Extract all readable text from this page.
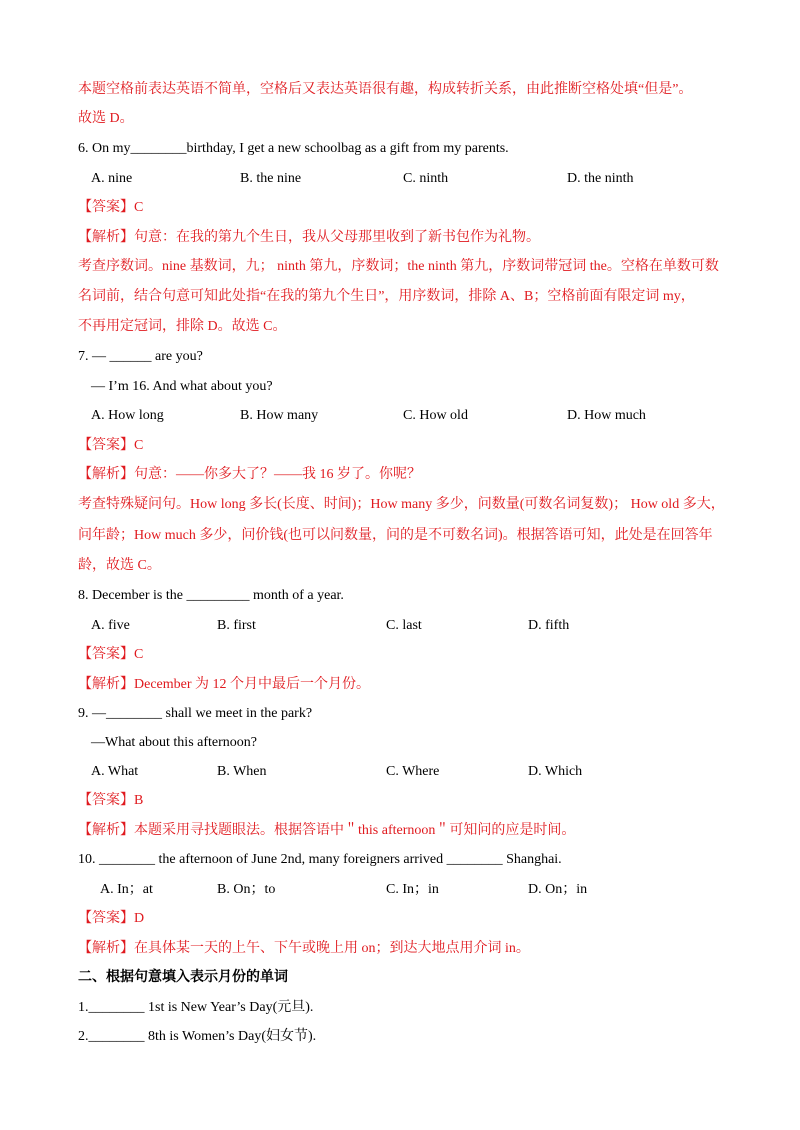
本题空格前表达英语不简单，空格后又表达英语很有趣，构成转折关系，由此推断空格处填“但是”。
故选 D。
6. On my________birthday, I get a new schoolbag as a gift from my parents.
A. nine	B. the nine	C. ninth	D. the ninth
【答案】C
【解析】句意：在我的第九个生日，我从父母那里收到了新书包作为礼物。
考查序数词。nine 基数词，九； ninth 第九，序数词；the ninth 第九，序数词带冠词 the。空格在单数可数
名词前，结合句意可知此处指“在我的第九个生日”，用序数词，排除 A、B；空格前面有限定词 my，
不再用定冠词，排除 D。故选 C。
7. — ______ are you?
— I’m 16. And what about you?
A. How long	B. How many	C. How old	D. How much
【答案】C
【解析】句意：——你多大了？——我 16 岁了。你呢？
考查特殊疑问句。How long 多长(长度、时间)；How many 多少，问数量(可数名词复数)； How old 多大，
问年龄；How much 多少，问价钱(也可以问数量，问的是不可数名词)。根据答语可知，此处是在回答年
龄，故选 C。
8. December is the _________ month of a year.
A. five	B. first	C. last	D. fifth
【答案】C
【解析】December 为 12 个月中最后一个月份。
9. —________ shall we meet in the park?
—What about this afternoon?
A. What	B. When	C. Where	D. Which
【答案】B
【解析】本题采用寻找题眼法。根据答语中＂this afternoon＂可知问的应是时间。
10. ________ the afternoon of June 2nd, many foreigners arrived ________ Shanghai.
A. In；at	B. On；to	C. In；in	D. On；in
【答案】D
【解析】在具体某一天的上午、下午或晚上用 on；到达大地点用介词 in。
二、根据句意填入表示月份的单词
1.________ 1st is New Year’s Day(元旦).
2.________ 8th is Women’s Day(妇女节).
